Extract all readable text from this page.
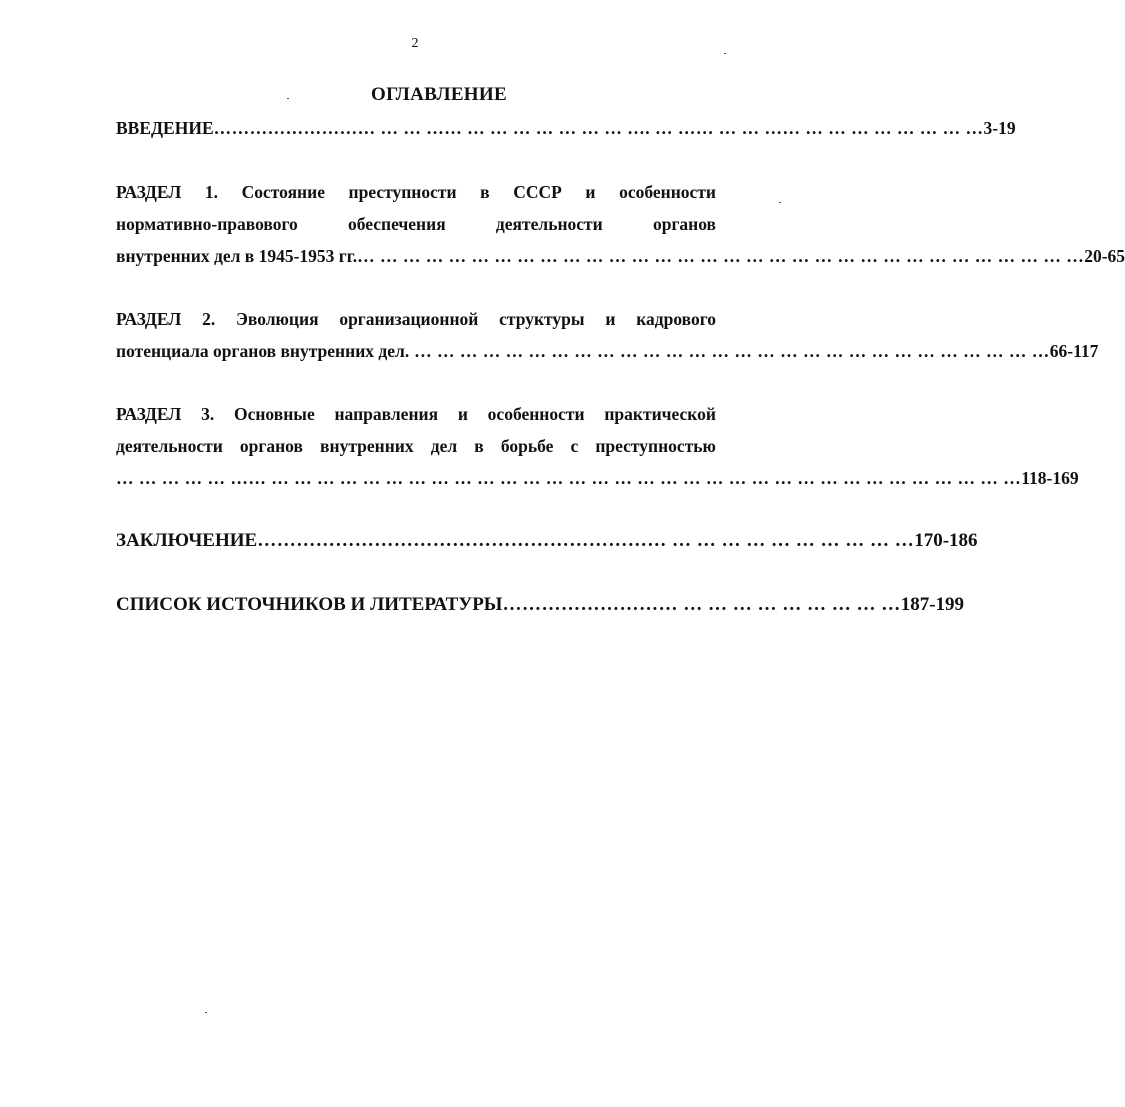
2
ОГЛАВЛЕНИЕ
ВВЕДЕНИЕ ……………………… … … …… … … … … … … … …. … …… … … …… … … … … … … … … 3-19
РАЗДЕЛ 1. Состояние преступности в СССР и особенности
нормативно-правового	обеспечения	деятельности	органов
внутренних дел в 1945-1953 гг. … … … … … … … … … … … … … … … … … … … … … … … … … … … … … … … … 20-65
РАЗДЕЛ 2. Эволюция организационной структуры и кадрового
потенциала органов внутренних дел. … … … … … … … … … … … … … … … … … … … … … … … … … … … … 66-117
РАЗДЕЛ 3. Основные направления и особенности практической
деятельности органов внутренних дел в борьбе с преступностью
… … … … … …… … … … … … … … … … … … … … … … … … … … … … … … … … … … … … … … … … 118-169
ЗАКЛЮЧЕНИЕ ……………………………………………………… … … … … … … … … … … 170-186
СПИСОК ИСТОЧНИКОВ И ЛИТЕРАТУРЫ ……………………… … … … … … … … … … 187-199
